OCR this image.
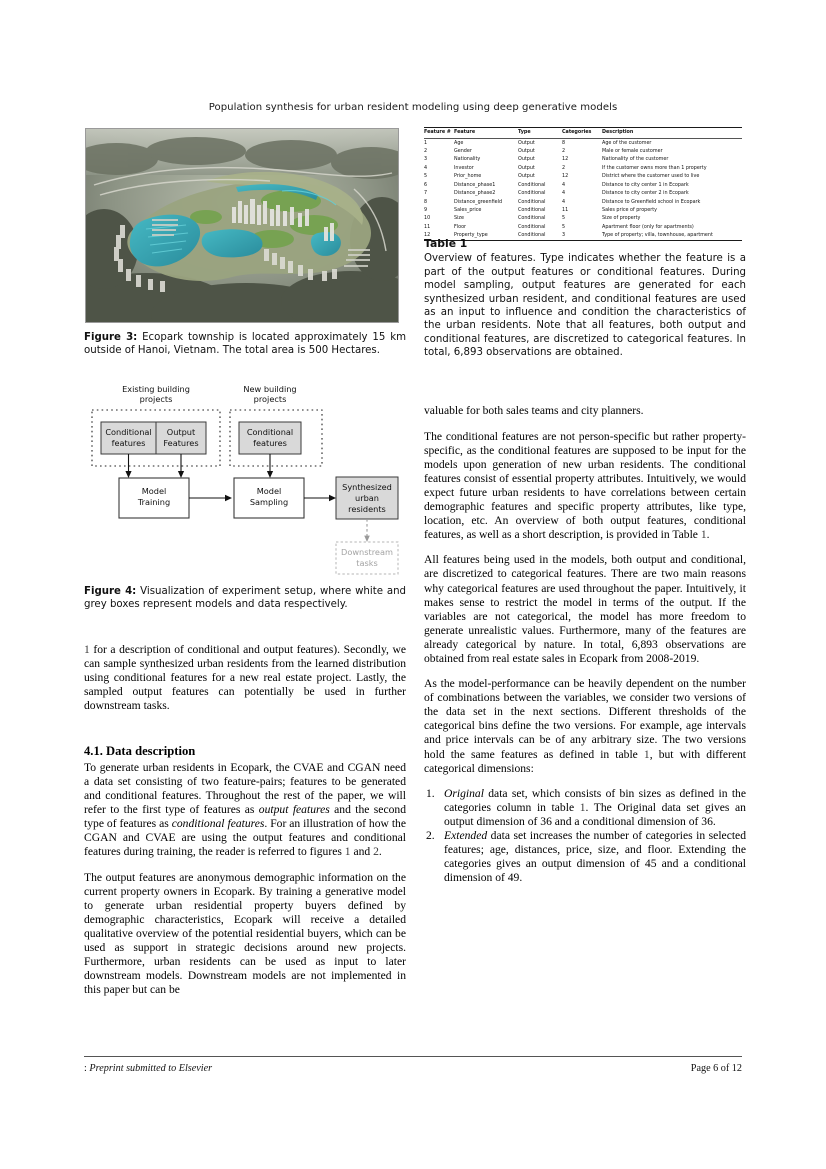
Population synthesis for urban resident modeling using deep generative models
Figure 3: Ecopark township is located approximately 15 km outside of Hanoi, Vietnam. The total area is 500 Hectares.
Existing building
projects
New building
projects
Conditional
features
Output
Features
Conditional
features
Model
Training
Model
Sampling
Synthesized
urban
residents
Downstream
tasks
Figure 4: Visualization of experiment setup, where white and grey boxes represent models and data respectively.
Feature #	Feature	Type	Categories	Description
1	Age	Output	8	Age of the customer
2	Gender	Output	2	Male or female customer
3	Nationality	Output	12	Nationality of the customer
4	Investor	Output	2	If the customer owns more than 1 property
5	Prior_home	Output	12	District where the customer used to live
6	Distance_phase1	Conditional	4	Distance to city center 1 in Ecopark
7	Distance_phase2	Conditional	4	Distance to city center 2 in Ecopark
8	Distance_greenfield	Conditional	4	Distance to Greenfield school in Ecopark
9	Sales_price	Conditional	11	Sales price of property
10	Size	Conditional	5	Size of property
11	Floor	Conditional	5	Apartment floor (only for apartments)
12	Property_type	Conditional	3	Type of property; villa, townhouse, apartment
Table 1
Overview of features. Type indicates whether the feature is a part of the output features or conditional features. During model sampling, output features are generated for each synthesized urban resident, and conditional features are used as an input to influence and condition the characteristics of the urban residents. Note that all features, both output and conditional features, are discretized to categorical features. In total, 6,893 observations are obtained.

1 for a description of conditional and output features). Secondly, we can sample synthesized urban residents from the learned distribution using conditional features for a new real estate project. Lastly, the sampled output features can potentially be used in further downstream tasks.

4.1. Data description

To generate urban residents in Ecopark, the CVAE and CGAN need a data set consisting of two feature-pairs; features to be generated and conditional features. Throughout the rest of the paper, we will refer to the first type of features as output features and the second type of features as conditional features. For an illustration of how the CGAN and CVAE are using the output features and conditional features during training, the reader is referred to figures 1 and 2.

The output features are anonymous demographic information on the current property owners in Ecopark. By training a generative model to generate urban residential property buyers defined by demographic characteristics, Ecopark will receive a detailed qualitative overview of the potential residential buyers, which can be used as support in strategic decisions around new projects. Furthermore, urban residents can be used as input to later downstream models. Downstream models are not implemented in this paper but can be

valuable for both sales teams and city planners.

The conditional features are not person-specific but rather property-specific, as the conditional features are supposed to be input for the models upon generation of new urban residents. The conditional features consist of essential property attributes. Intuitively, we would expect future urban residents to have correlations between certain demographic features and specific property attributes, like type, location, etc. An overview of both output features, conditional features, as well as a short description, is provided in Table 1.

All features being used in the models, both output and conditional, are discretized to categorical features. There are two main reasons why categorical features are used throughout the paper. Intuitively, it makes sense to restrict the model in terms of the output. If the variables are not categorical, the model has more freedom to generate unrealistic values. Furthermore, many of the features are already categorical by nature. In total, 6,893 observations are obtained from real estate sales in Ecopark from 2008-2019.

As the model-performance can be heavily dependent on the number of combinations between the variables, we consider two versions of the data set in the next sections. Different thresholds of the categorical bins define the two versions. For example, age intervals and price intervals can be of any arbitrary size. The two versions hold the same features as defined in table 1, but with different categorical dimensions:

1. Original data set, which consists of bin sizes as defined in the categories column in table 1. The Original data set gives an output dimension of 36 and a conditional dimension of 36.
2. Extended data set increases the number of categories in selected features; age, distances, price, size, and floor. Extending the categories gives an output dimension of 45 and a conditional dimension of 49.
: Preprint submitted to Elsevier	Page 6 of 12
